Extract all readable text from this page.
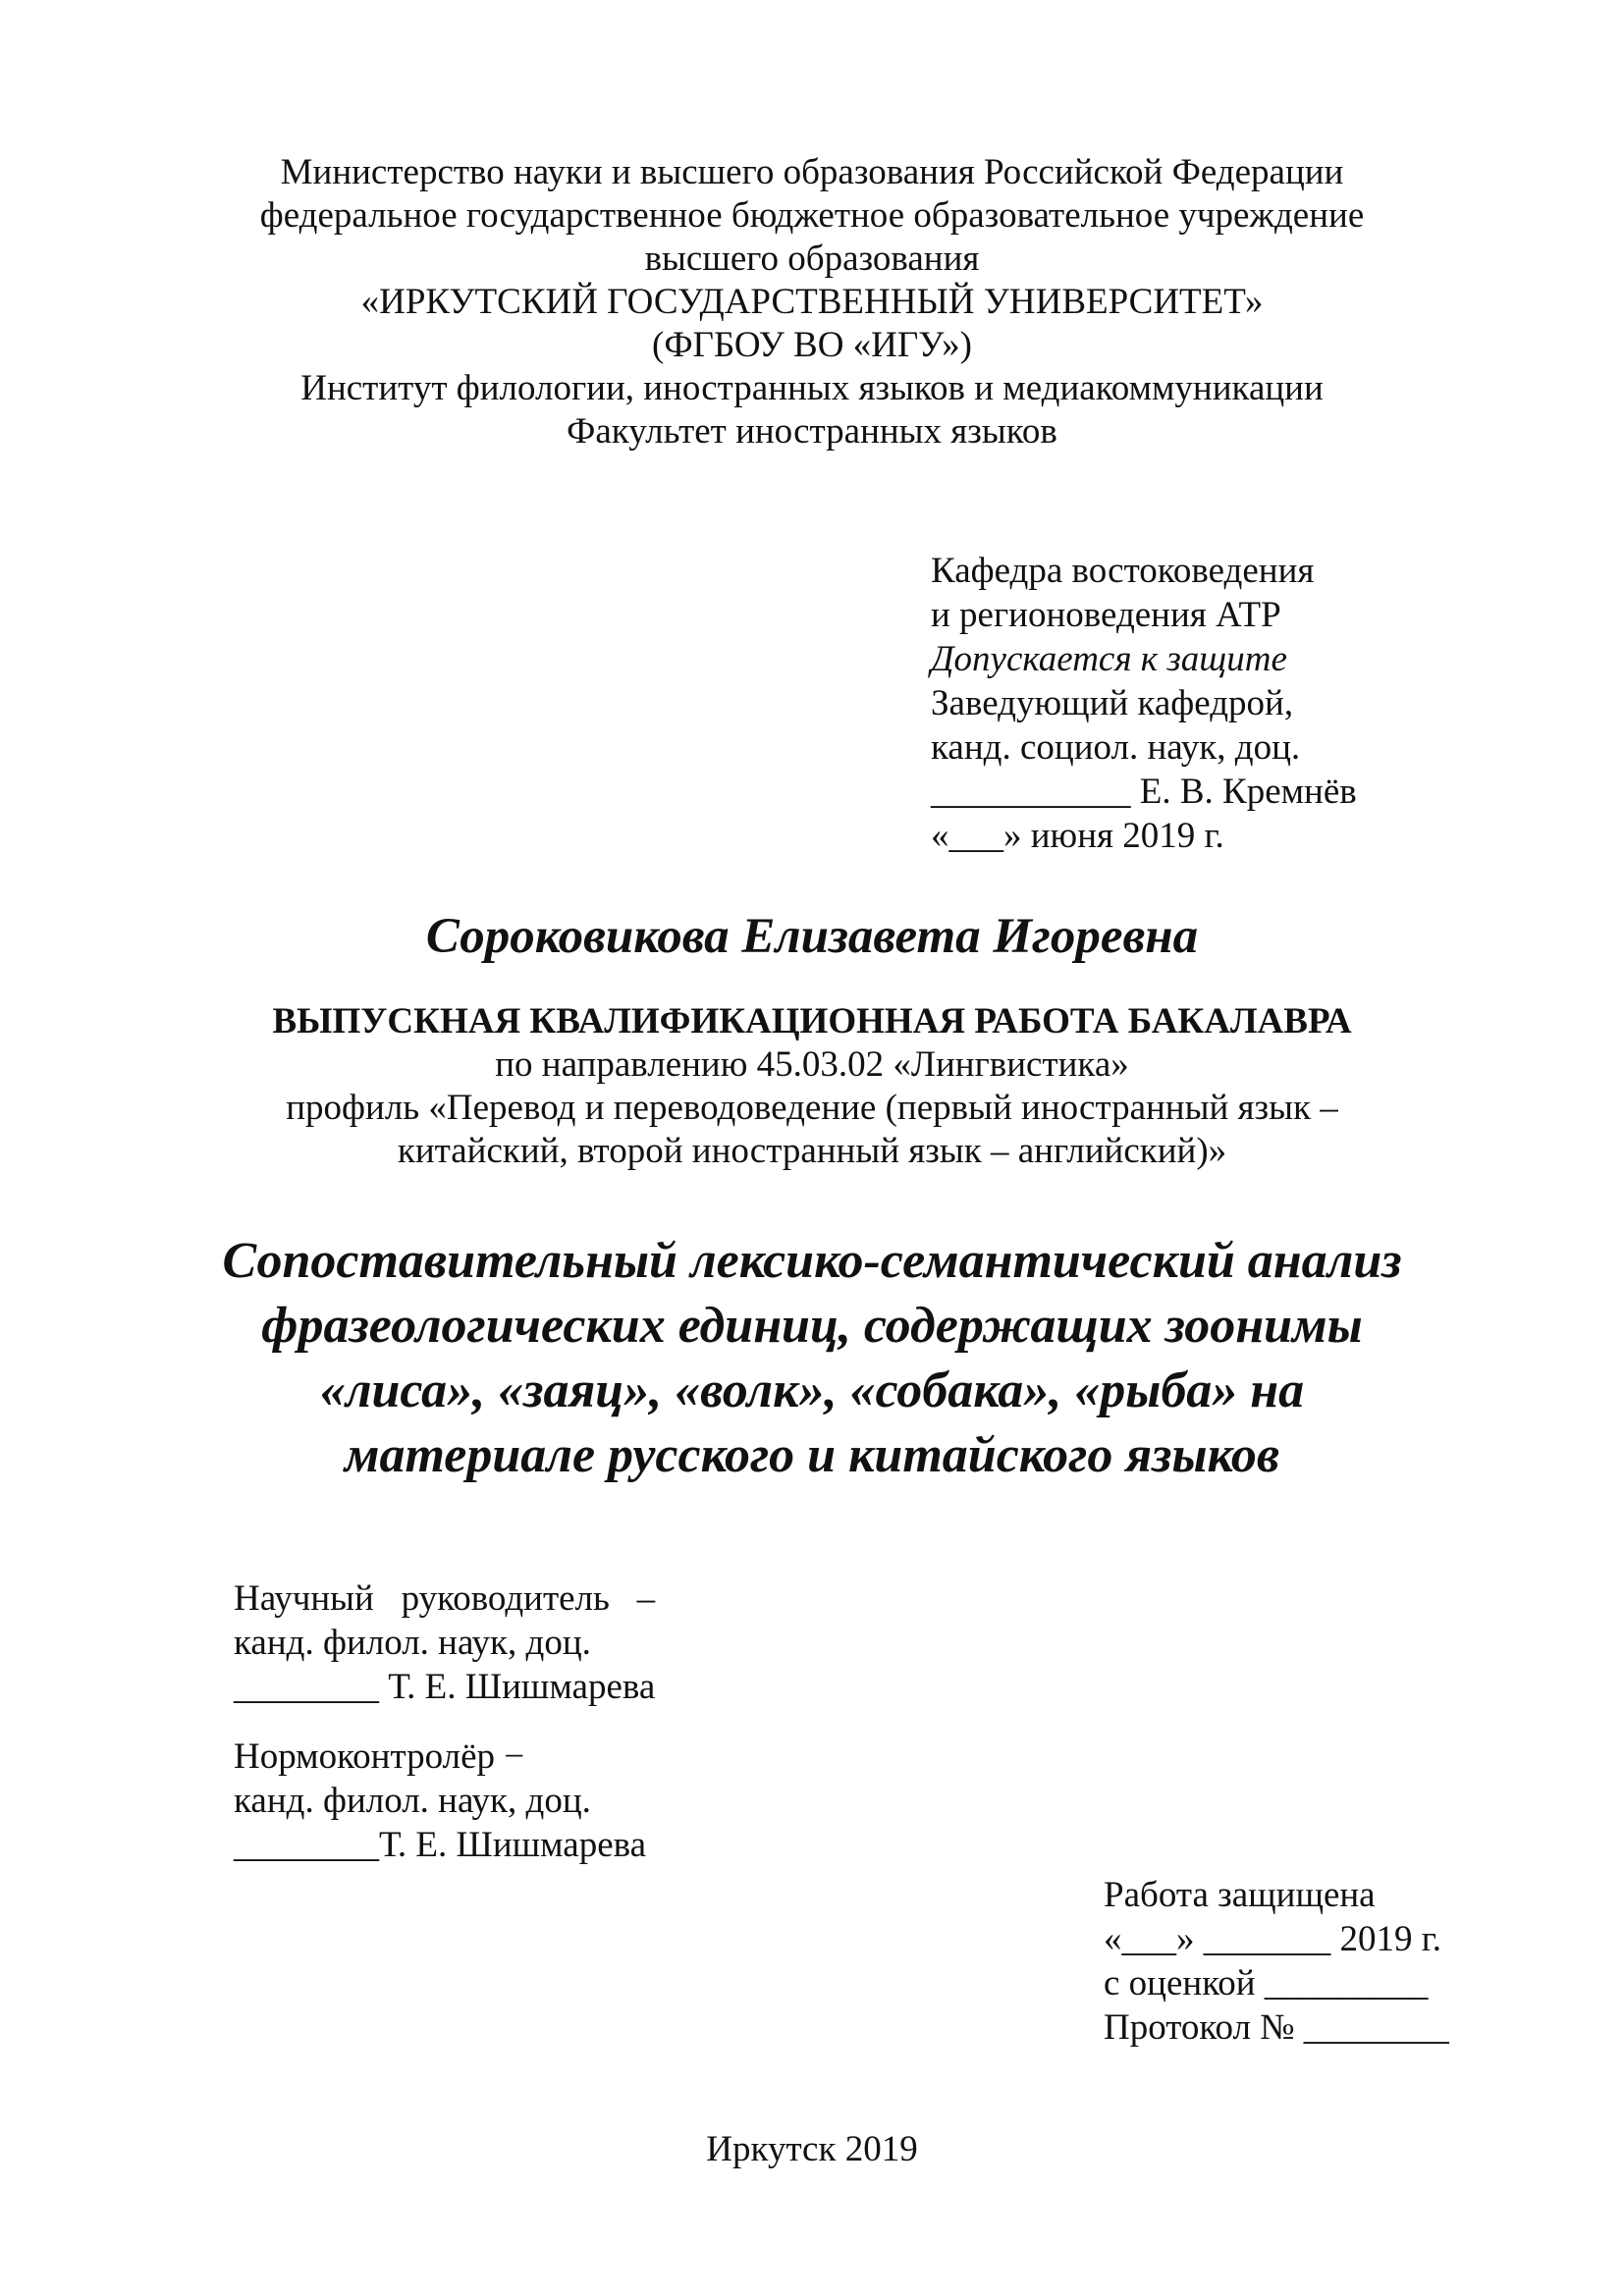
Министерство науки и высшего образования Российской Федерации
федеральное государственное бюджетное образовательное учреждение
высшего образования
«ИРКУТСКИЙ ГОСУДАРСТВЕННЫЙ УНИВЕРСИТЕТ»
(ФГБОУ ВО «ИГУ»)
Институт филологии, иностранных языков и медиакоммуникации
Факультет иностранных языков
Кафедра востоковедения
и регионоведения АТР
Допускается к защите
Заведующий кафедрой,
канд. социол. наук, доц.
___________ Е. В. Кремнёв
«___» июня 2019 г.
Сороковикова Елизавета Игоревна
ВЫПУСКНАЯ КВАЛИФИКАЦИОННАЯ РАБОТА БАКАЛАВРА
по направлению 45.03.02 «Лингвистика»
профиль «Перевод и переводоведение (первый иностранный язык –
китайский, второй иностранный язык – английский)»
Сопоставительный лексико-семантический анализ
фразеологических единиц, содержащих зоонимы
«лиса», «заяц», «волк», «собака», «рыба» на
материале русского и китайского языков
Научный   руководитель   –
канд. филол. наук, доц.
________ Т. Е. Шишмарева
Нормоконтролёр −
канд. филол. наук, доц.
________Т. Е. Шишмарева
Работа защищена
«___» _______ 2019 г.
с оценкой _________
Протокол № ________
Иркутск 2019
